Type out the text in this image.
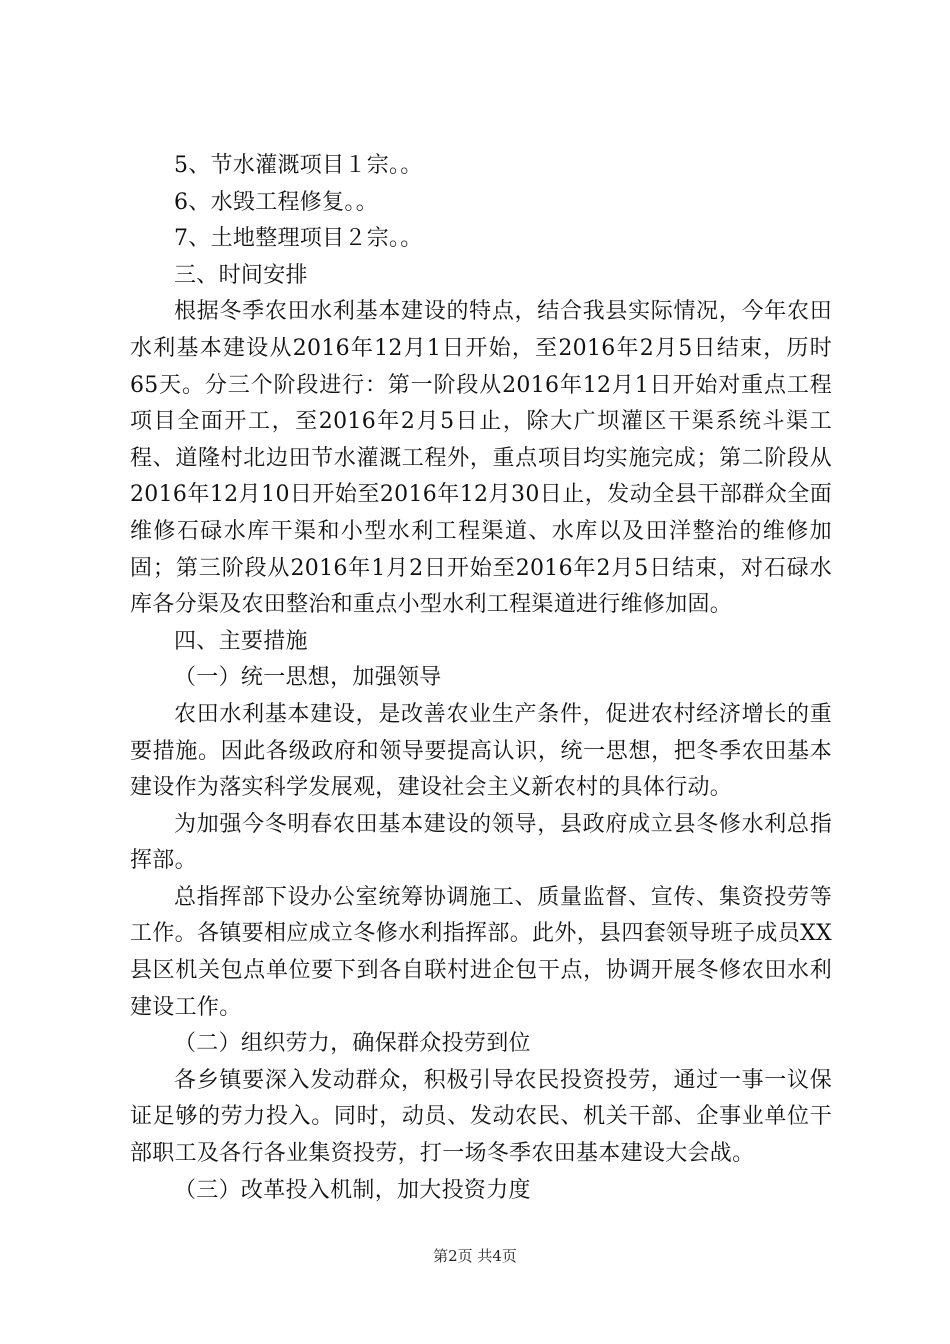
5、节水灌溉项目１宗。。

6、水毁工程修复。。

7、土地整理项目２宗。。

三、时间安排

根据冬季农田水利基本建设的特点，结合我县实际情况，今年农田水利基本建设从2016年12月1日开始，至2016年2月5日结束，历时65天。分三个阶段进行：第一阶段从2016年12月1日开始对重点工程项目全面开工，至2016年2月5日止，除大广坝灌区干渠系统斗渠工程、道隆村北边田节水灌溉工程外，重点项目均实施完成；第二阶段从2016年12月10日开始至2016年12月30日止，发动全县干部群众全面维修石碌水库干渠和小型水利工程渠道、水库以及田洋整治的维修加固；第三阶段从2016年1月2日开始至2016年2月5日结束，对石碌水库各分渠及农田整治和重点小型水利工程渠道进行维修加固。

四、主要措施

（一）统一思想，加强领导

农田水利基本建设，是改善农业生产条件，促进农村经济增长的重要措施。因此各级政府和领导要提高认识，统一思想，把冬季农田基本建设作为落实科学发展观，建设社会主义新农村的具体行动。

为加强今冬明春农田基本建设的领导，县政府成立县冬修水利总指挥部。

总指挥部下设办公室统筹协调施工、质量监督、宣传、集资投劳等工作。各镇要相应成立冬修水利指挥部。此外，县四套领导班子成员XX县区机关包点单位要下到各自联村进企包干点，协调开展冬修农田水利建设工作。

（二）组织劳力，确保群众投劳到位

各乡镇要深入发动群众，积极引导农民投资投劳，通过一事一议保证足够的劳力投入。同时，动员、发动农民、机关干部、企事业单位干部职工及各行各业集资投劳，打一场冬季农田基本建设大会战。

（三）改革投入机制，加大投资力度

第2页 共4页
